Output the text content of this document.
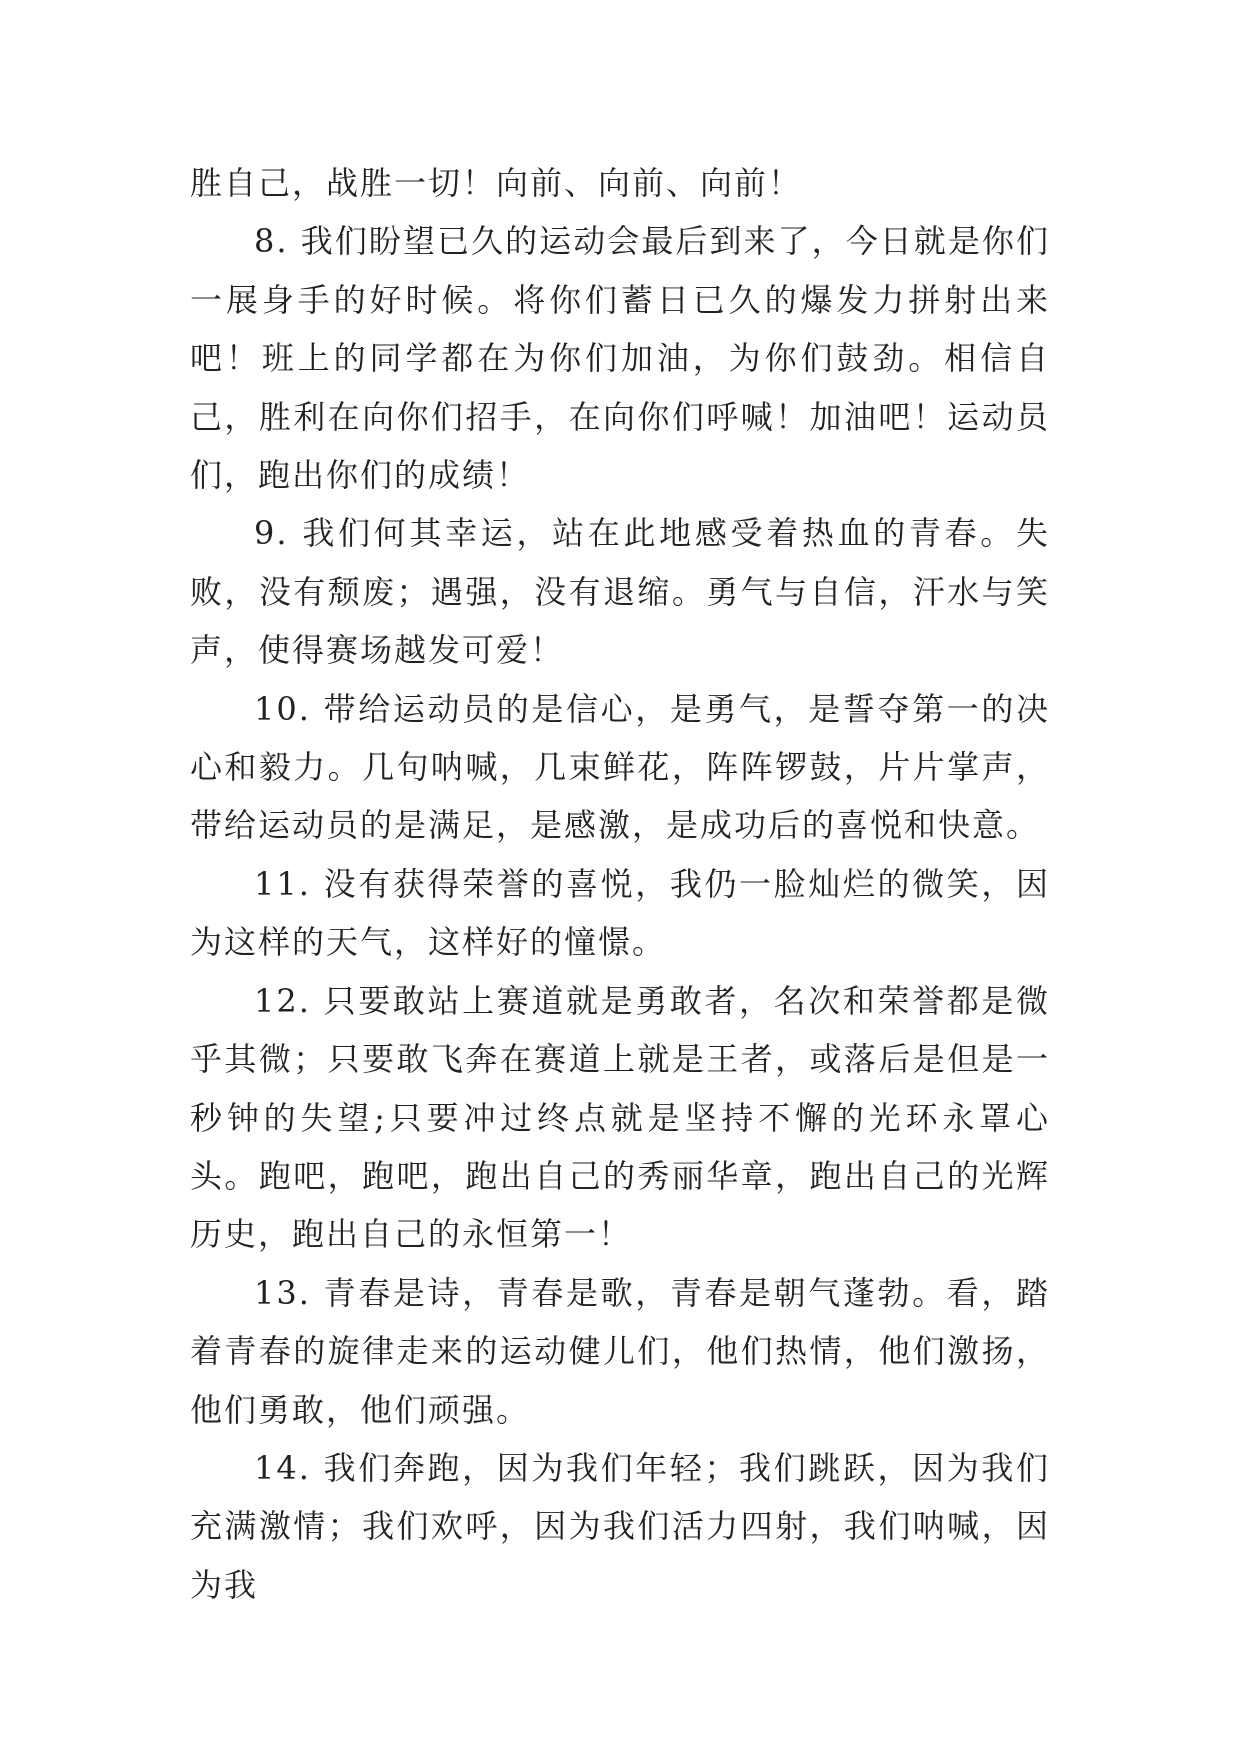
胜自己，战胜一切！向前、向前、向前！

8. 我们盼望已久的运动会最后到来了，今日就是你们一展身手的好时候。将你们蓄日已久的爆发力拼射出来吧！班上的同学都在为你们加油，为你们鼓劲。相信自己，胜利在向你们招手，在向你们呼喊！加油吧！运动员们，跑出你们的成绩！

9. 我们何其幸运，站在此地感受着热血的青春。失败，没有颓废；遇强，没有退缩。勇气与自信，汗水与笑声，使得赛场越发可爱！

10. 带给运动员的是信心，是勇气，是誓夺第一的决心和毅力。几句呐喊，几束鲜花，阵阵锣鼓，片片掌声，带给运动员的是满足，是感激，是成功后的喜悦和快意。

11. 没有获得荣誉的喜悦，我仍一脸灿烂的微笑，因为这样的天气，这样好的憧憬。

12. 只要敢站上赛道就是勇敢者，名次和荣誉都是微乎其微；只要敢飞奔在赛道上就是王者，或落后是但是一秒钟的失望;只要冲过终点就是坚持不懈的光环永罩心头。跑吧，跑吧，跑出自己的秀丽华章，跑出自己的光辉历史，跑出自己的永恒第一！

13. 青春是诗，青春是歌，青春是朝气蓬勃。看，踏着青春的旋律走来的运动健儿们，他们热情，他们激扬，他们勇敢，他们顽强。

14. 我们奔跑，因为我们年轻；我们跳跃，因为我们充满激情；我们欢呼，因为我们活力四射，我们呐喊，因为我
